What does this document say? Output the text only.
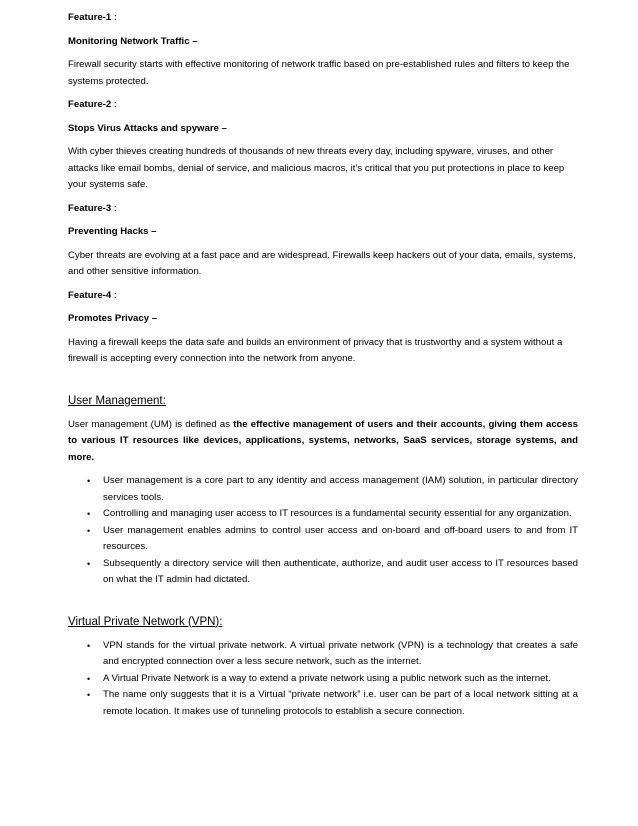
Feature-1 :

Monitoring Network Traffic –

Firewall security starts with effective monitoring of network traffic based on pre-established rules and filters to keep the systems protected.

Feature-2 :

Stops Virus Attacks and spyware –

With cyber thieves creating hundreds of thousands of new threats every day, including spyware, viruses, and other attacks like email bombs, denial of service, and malicious macros, it’s critical that you put protections in place to keep your systems safe.

Feature-3 :

Preventing Hacks –

Cyber threats are evolving at a fast pace and are widespread. Firewalls keep hackers out of your data, emails, systems, and other sensitive information.

Feature-4 :

Promotes Privacy –

Having a firewall keeps the data safe and builds an environment of privacy that is trustworthy and a system without a firewall is accepting every connection into the network from anyone.

User Management:

User management (UM) is defined as the effective management of users and their accounts, giving them access to various IT resources like devices, applications, systems, networks, SaaS services, storage systems, and more.

• User management is a core part to any identity and access management (IAM) solution, in particular directory services tools.
• Controlling and managing user access to IT resources is a fundamental security essential for any organization.
• User management enables admins to control user access and on-board and off-board users to and from IT resources.
• Subsequently a directory service will then authenticate, authorize, and audit user access to IT resources based on what the IT admin had dictated.
Virtual Private Network (VPN):
• VPN stands for the virtual private network. A virtual private network (VPN) is a technology that creates a safe and encrypted connection over a less secure network, such as the internet.
• A Virtual Private Network is a way to extend a private network using a public network such as the internet.
• The name only suggests that it is a Virtual “private network” i.e. user can be part of a local network sitting at a remote location. It makes use of tunneling protocols to establish a secure connection.
